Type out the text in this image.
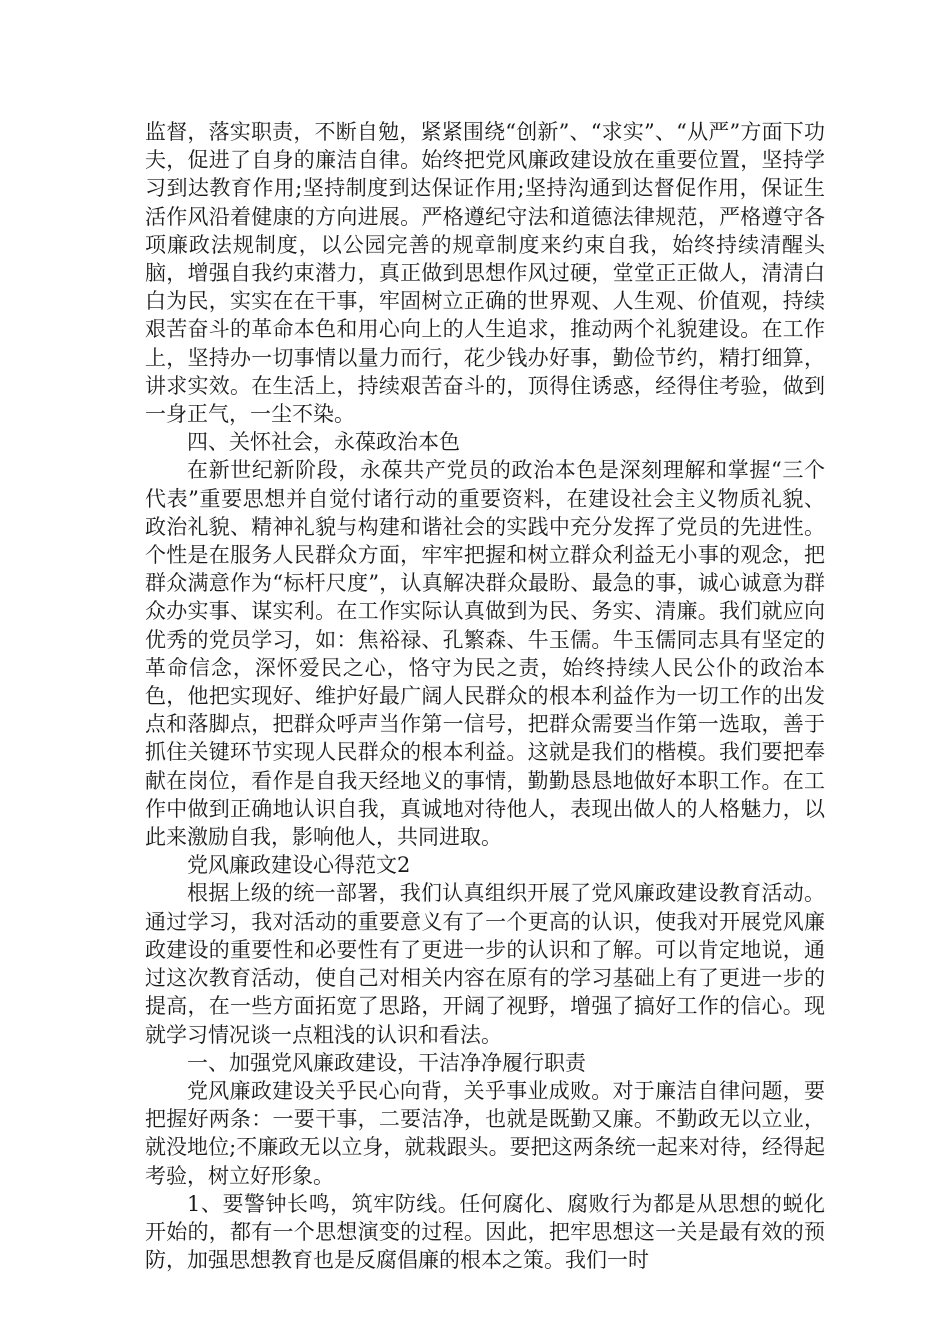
监督，落实职责，不断自勉，紧紧围绕“创新”、“求实”、“从严”方面下功夫，促进了自身的廉洁自律。始终把党风廉政建设放在重要位置，坚持学习到达教育作用;坚持制度到达保证作用;坚持沟通到达督促作用，保证生活作风沿着健康的方向进展。严格遵纪守法和道德法律规范，严格遵守各项廉政法规制度，以公园完善的规章制度来约束自我，始终持续清醒头脑，增强自我约束潜力，真正做到思想作风过硬，堂堂正正做人，清清白白为民，实实在在干事，牢固树立正确的世界观、人生观、价值观，持续艰苦奋斗的革命本色和用心向上的人生追求，推动两个礼貌建设。在工作上，坚持办一切事情以量力而行，花少钱办好事，勤俭节约，精打细算，讲求实效。在生活上，持续艰苦奋斗的，顶得住诱惑，经得住考验，做到一身正气，一尘不染。

四、关怀社会，永葆政治本色

在新世纪新阶段，永葆共产党员的政治本色是深刻理解和掌握“三个代表”重要思想并自觉付诸行动的重要资料，在建设社会主义物质礼貌、政治礼貌、精神礼貌与构建和谐社会的实践中充分发挥了党员的先进性。个性是在服务人民群众方面，牢牢把握和树立群众利益无小事的观念，把群众满意作为“标杆尺度”，认真解决群众最盼、最急的事，诚心诚意为群众办实事、谋实利。在工作实际认真做到为民、务实、清廉。我们就应向优秀的党员学习，如：焦裕禄、孔繁森、牛玉儒。牛玉儒同志具有坚定的革命信念，深怀爱民之心，恪守为民之责，始终持续人民公仆的政治本色，他把实现好、维护好最广阔人民群众的根本利益作为一切工作的出发点和落脚点，把群众呼声当作第一信号，把群众需要当作第一选取，善于抓住关键环节实现人民群众的根本利益。这就是我们的楷模。我们要把奉献在岗位，看作是自我天经地义的事情，勤勤恳恳地做好本职工作。在工作中做到正确地认识自我，真诚地对待他人，表现出做人的人格魅力，以此来激励自我，影响他人，共同进取。

党风廉政建设心得范文2

根据上级的统一部署，我们认真组织开展了党风廉政建设教育活动。通过学习，我对活动的重要意义有了一个更高的认识，使我对开展党风廉政建设的重要性和必要性有了更进一步的认识和了解。可以肯定地说，通过这次教育活动，使自己对相关内容在原有的学习基础上有了更进一步的提高，在一些方面拓宽了思路，开阔了视野，增强了搞好工作的信心。现就学习情况谈一点粗浅的认识和看法。

一、加强党风廉政建设，干洁净净履行职责

党风廉政建设关乎民心向背，关乎事业成败。对于廉洁自律问题，要把握好两条：一要干事，二要洁净，也就是既勤又廉。不勤政无以立业，就没地位;不廉政无以立身，就栽跟头。要把这两条统一起来对待，经得起考验，树立好形象。

1、要警钟长鸣，筑牢防线。任何腐化、腐败行为都是从思想的蜕化开始的，都有一个思想演变的过程。因此，把牢思想这一关是最有效的预防，加强思想教育也是反腐倡廉的根本之策。我们一时
